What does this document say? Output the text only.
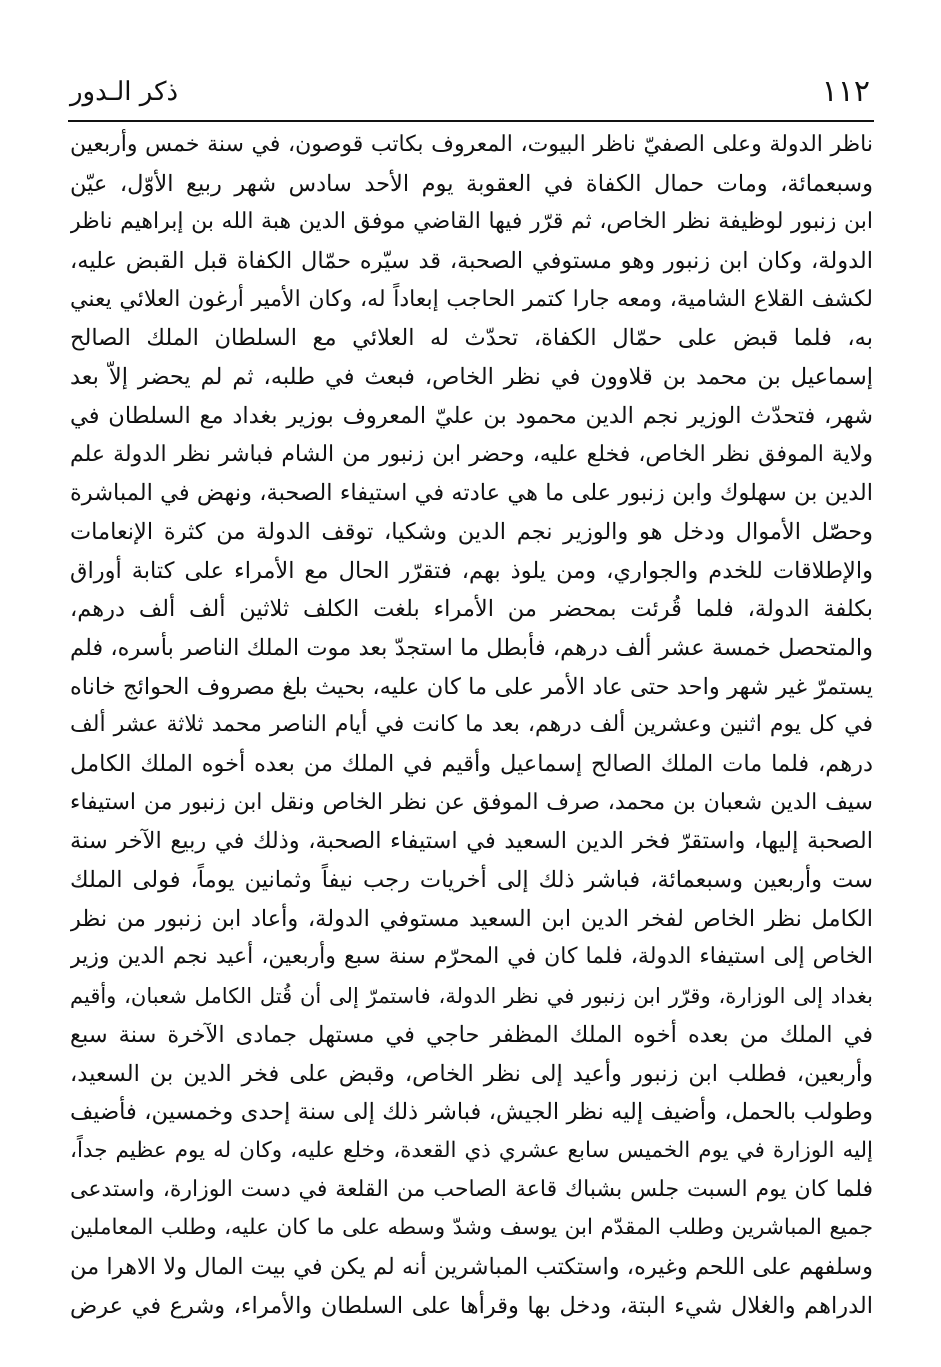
١١٢
ذكر الـدور
ناظر الدولة وعلى الصفيّ ناظر البيوت، المعروف بكاتب قوصون، في سنة خمس وأربعين
وسبعمائة، ومات حمال الكفاة في العقوبة يوم الأحد سادس شهر ربيع الأوّل، عيّن
ابن زنبور لوظيفة نظر الخاص، ثم قرّر فيها القاضي موفق الدين هبة الله بن إبراهيم ناظر
الدولة، وكان ابن زنبور وهو مستوفي الصحبة، قد سيّره حمّال الكفاة قبل القبض عليه،
لكشف القلاع الشامية، ومعه جارا كتمر الحاجب إبعاداً له، وكان الأمير أرغون العلائي يعني
به، فلما قبض على حمّال الكفاة، تحدّث له العلائي مع السلطان الملك الصالح
إسماعيل بن محمد بن قلاوون في نظر الخاص، فبعث في طلبه، ثم لم يحضر إلاّ بعد
شهر، فتحدّث الوزير نجم الدين محمود بن عليّ المعروف بوزير بغداد مع السلطان في
ولاية الموفق نظر الخاص، فخلع عليه، وحضر ابن زنبور من الشام فباشر نظر الدولة علم
الدين بن سهلوك وابن زنبور على ما هي عادته في استيفاء الصحبة، ونهض في المباشرة
وحصّل الأموال ودخل هو والوزير نجم الدين وشكيا، توقف الدولة من كثرة الإنعامات
والإطلاقات للخدم والجواري، ومن يلوذ بهم، فتقرّر الحال مع الأمراء على كتابة أوراق
بكلفة الدولة، فلما قُرئت بمحضر من الأمراء بلغت الكلف ثلاثين ألف ألف درهم،
والمتحصل خمسة عشر ألف درهم، فأبطل ما استجدّ بعد موت الملك الناصر بأسره، فلم
يستمرّ غير شهر واحد حتى عاد الأمر على ما كان عليه، بحيث بلغ مصروف الحوائج خاناه
في كل يوم اثنين وعشرين ألف درهم، بعد ما كانت في أيام الناصر محمد ثلاثة عشر ألف
درهم، فلما مات الملك الصالح إسماعيل وأقيم في الملك من بعده أخوه الملك الكامل
سيف الدين شعبان بن محمد، صرف الموفق عن نظر الخاص ونقل ابن زنبور من استيفاء
الصحبة إليها، واستقرّ فخر الدين السعيد في استيفاء الصحبة، وذلك في ربيع الآخر سنة
ست وأربعين وسبعمائة، فباشر ذلك إلى أخريات رجب نيفاً وثمانين يوماً، فولى الملك
الكامل نظر الخاص لفخر الدين ابن السعيد مستوفي الدولة، وأعاد ابن زنبور من نظر
الخاص إلى استيفاء الدولة، فلما كان في المحرّم سنة سبع وأربعين، أعيد نجم الدين وزير
بغداد إلى الوزارة، وقرّر ابن زنبور في نظر الدولة، فاستمرّ إلى أن قُتل الكامل شعبان، وأقيم
في الملك من بعده أخوه الملك المظفر حاجي في مستهل جمادى الآخرة سنة سبع
وأربعين، فطلب ابن زنبور وأعيد إلى نظر الخاص، وقبض على فخر الدين بن السعيد،
وطولب بالحمل، وأضيف إليه نظر الجيش، فباشر ذلك إلى سنة إحدى وخمسين، فأضيف
إليه الوزارة في يوم الخميس سابع عشري ذي القعدة، وخلع عليه، وكان له يوم عظيم جداً،
فلما كان يوم السبت جلس بشباك قاعة الصاحب من القلعة في دست الوزارة، واستدعى
جميع المباشرين وطلب المقدّم ابن يوسف وشدّ وسطه على ما كان عليه، وطلب المعاملين
وسلفهم على اللحم وغيره، واستكتب المباشرين أنه لم يكن في بيت المال ولا الاهرا من
الدراهم والغلال شيء البتة، ودخل بها وقرأها على السلطان والأمراء، وشرع في عرض
